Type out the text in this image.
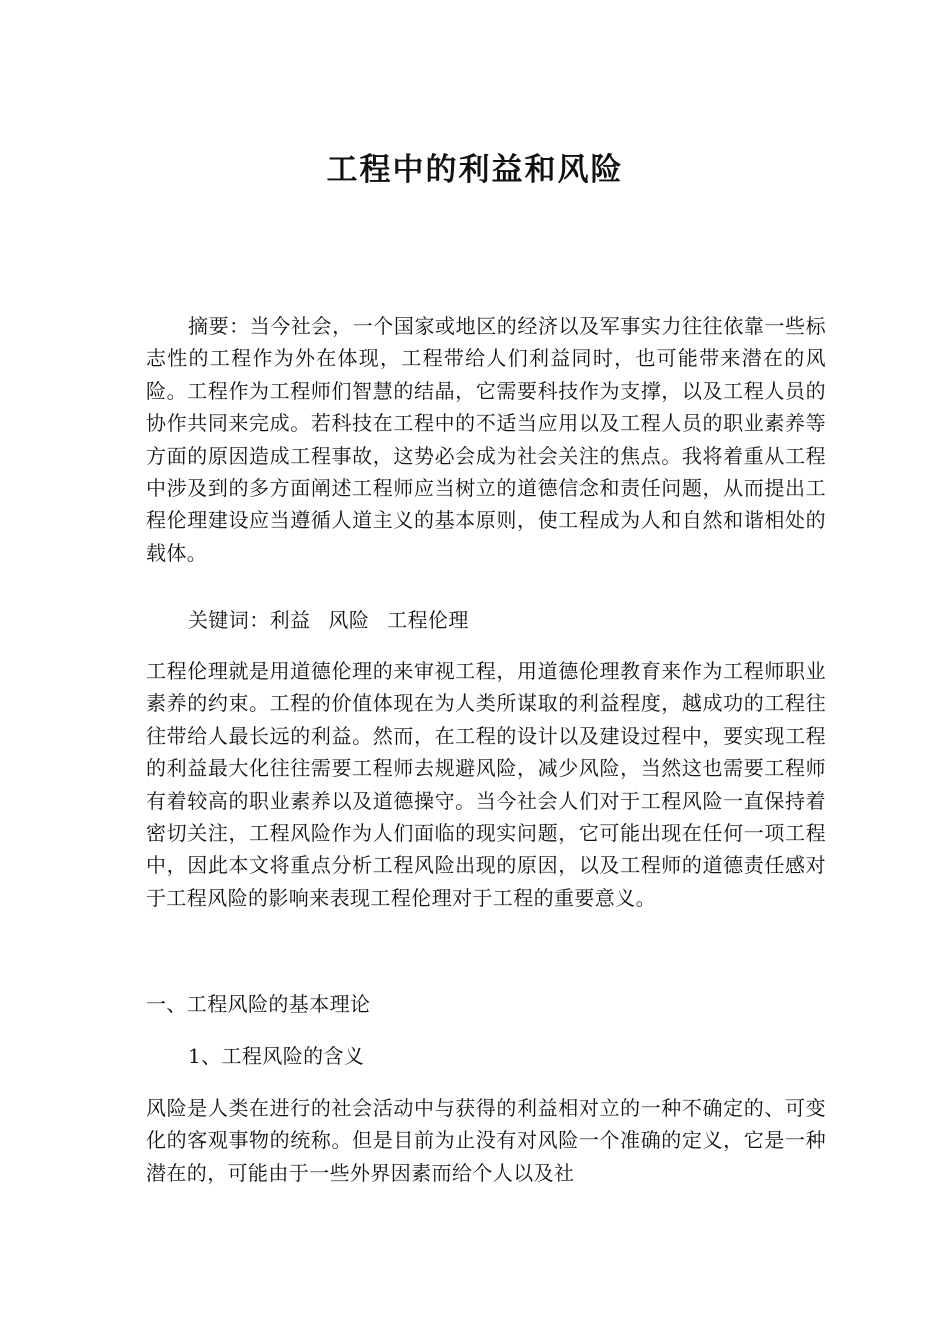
工程中的利益和风险
摘要：当今社会，一个国家或地区的经济以及军事实力往往依靠一些标志性的工程作为外在体现，工程带给人们利益同时，也可能带来潜在的风险。工程作为工程师们智慧的结晶，它需要科技作为支撑，以及工程人员的协作共同来完成。若科技在工程中的不适当应用以及工程人员的职业素养等方面的原因造成工程事故，这势必会成为社会关注的焦点。我将着重从工程中涉及到的多方面阐述工程师应当树立的道德信念和责任问题，从而提出工程伦理建设应当遵循人道主义的基本原则，使工程成为人和自然和谐相处的载体。
关键词：利益 风险 工程伦理
工程伦理就是用道德伦理的来审视工程，用道德伦理教育来作为工程师职业素养的约束。工程的价值体现在为人类所谋取的利益程度，越成功的工程往往带给人最长远的利益。然而，在工程的设计以及建设过程中，要实现工程的利益最大化往往需要工程师去规避风险，减少风险，当然这也需要工程师有着较高的职业素养以及道德操守。当今社会人们对于工程风险一直保持着密切关注，工程风险作为人们面临的现实问题，它可能出现在任何一项工程中，因此本文将重点分析工程风险出现的原因，以及工程师的道德责任感对于工程风险的影响来表现工程伦理对于工程的重要意义。
一、工程风险的基本理论
1、工程风险的含义
风险是人类在进行的社会活动中与获得的利益相对立的一种不确定的、可变化的客观事物的统称。但是目前为止没有对风险一个准确的定义，它是一种潜在的，可能由于一些外界因素而给个人以及社
